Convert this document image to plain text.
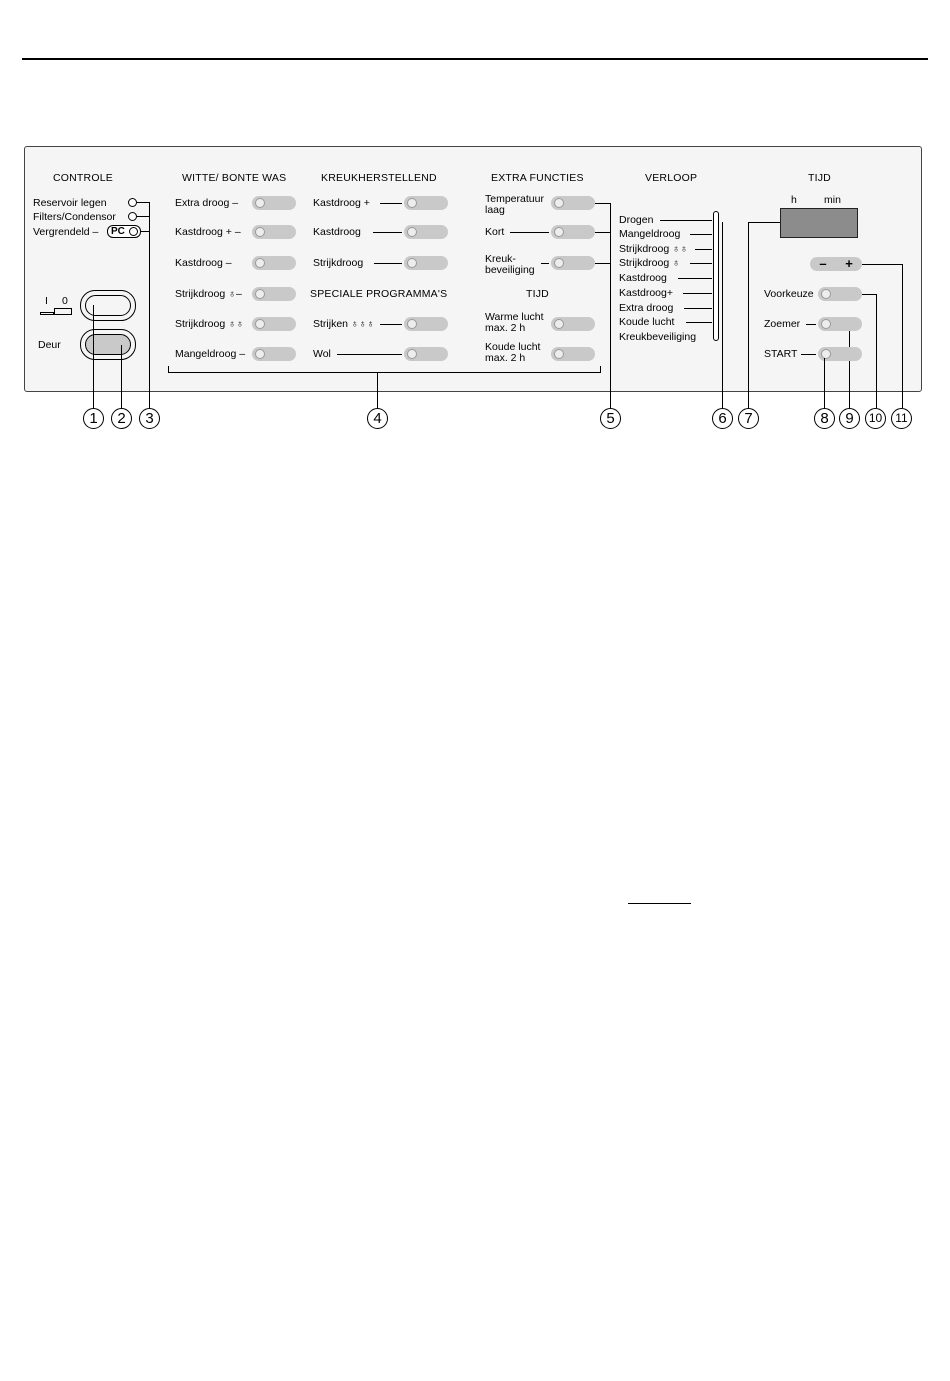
CONTROLE	WITTE/ BONTE WAS	KREUKHERSTELLEND	EXTRA FUNCTIES	VERLOOP	TIJD
SPECIALE PROGRAMMA'S	TIJD
Reservoir legen
Filters/Condensor
Vergrendeld – PC
I 0
Deur
Extra droog –
Kastdroog + –
Kastdroog –
Strijkdroog ♁–
Strijkdroog ♁♁
Mangeldroog –
Kastdroog +
Kastdroog
Strijkdroog
Strijken ♁♁♁
Wol
Temperatuur
laag
Kort
Kreuk-
beveiliging
Warme lucht
max. 2 h
Koude lucht
max. 2 h
Drogen
Mangeldroog
Strijkdroog ♁♁
Strijkdroog ♁
Kastdroog
Kastdroog+
Extra droog
Koude lucht
Kreukbeveiliging
h	min
–	+
Voorkeuze
Zoemer
START
1	2	3	4	5	6	7	8	9	10	11
